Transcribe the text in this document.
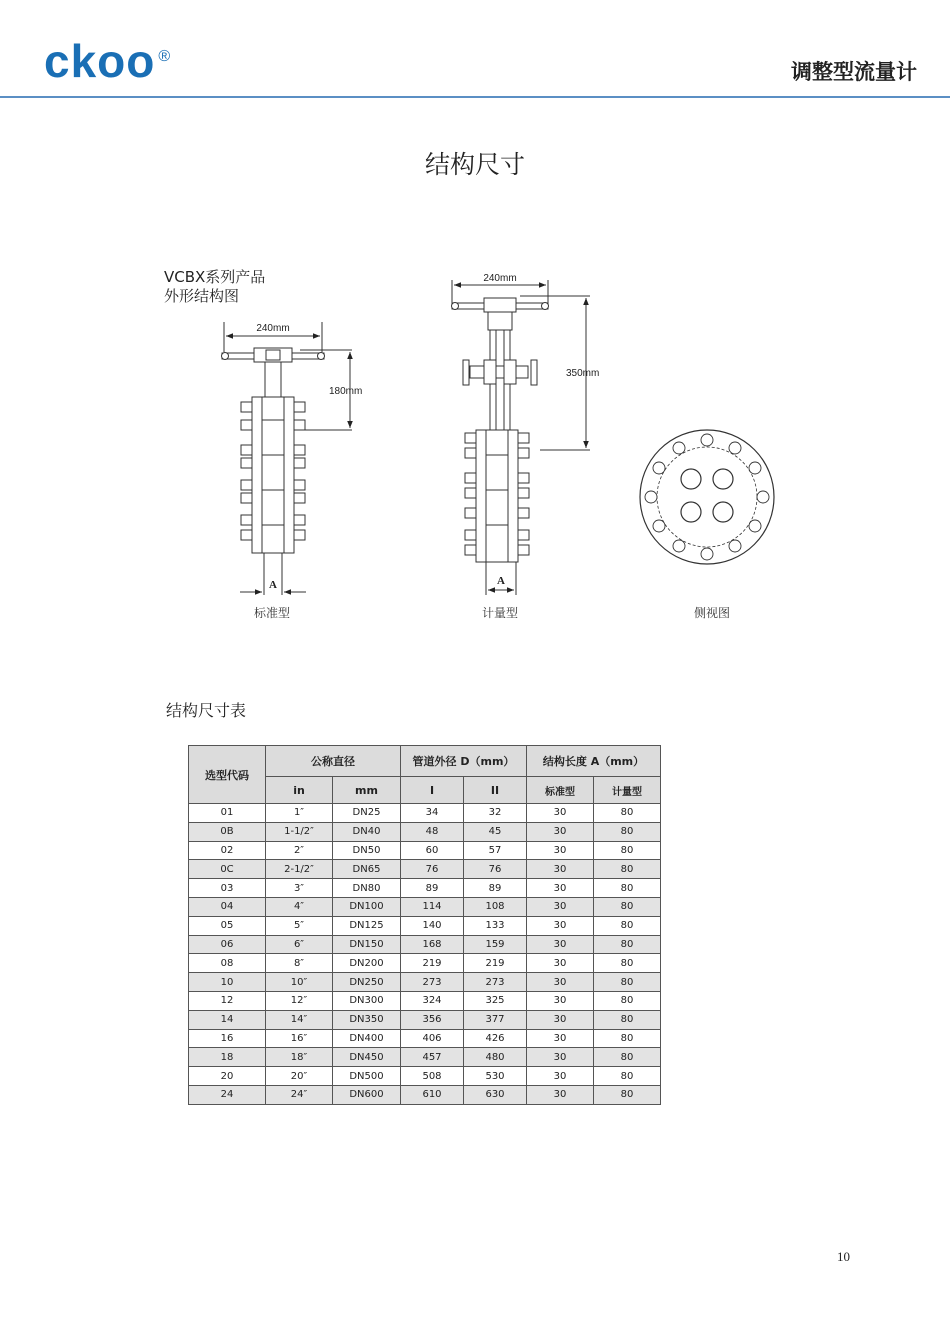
ckoo ®
调整型流量计
结构尺寸
VCBX系列产品
外形结构图
240mm
180mm
A
240mm
350mm
A
标准型	计量型	侧视图
结构尺寸表
选型代码	公称直径		管道外径 D（mm）		结构长度 A（mm）	
	in	mm	I	II	标准型	计量型
01	1″	DN25	34	32	30	80
0B	1-1/2″	DN40	48	45	30	80
02	2″	DN50	60	57	30	80
0C	2-1/2″	DN65	76	76	30	80
03	3″	DN80	89	89	30	80
04	4″	DN100	114	108	30	80
05	5″	DN125	140	133	30	80
06	6″	DN150	168	159	30	80
08	8″	DN200	219	219	30	80
10	10″	DN250	273	273	30	80
12	12″	DN300	324	325	30	80
14	14″	DN350	356	377	30	80
16	16″	DN400	406	426	30	80
18	18″	DN450	457	480	30	80
20	20″	DN500	508	530	30	80
24	24″	DN600	610	630	30	80
10
